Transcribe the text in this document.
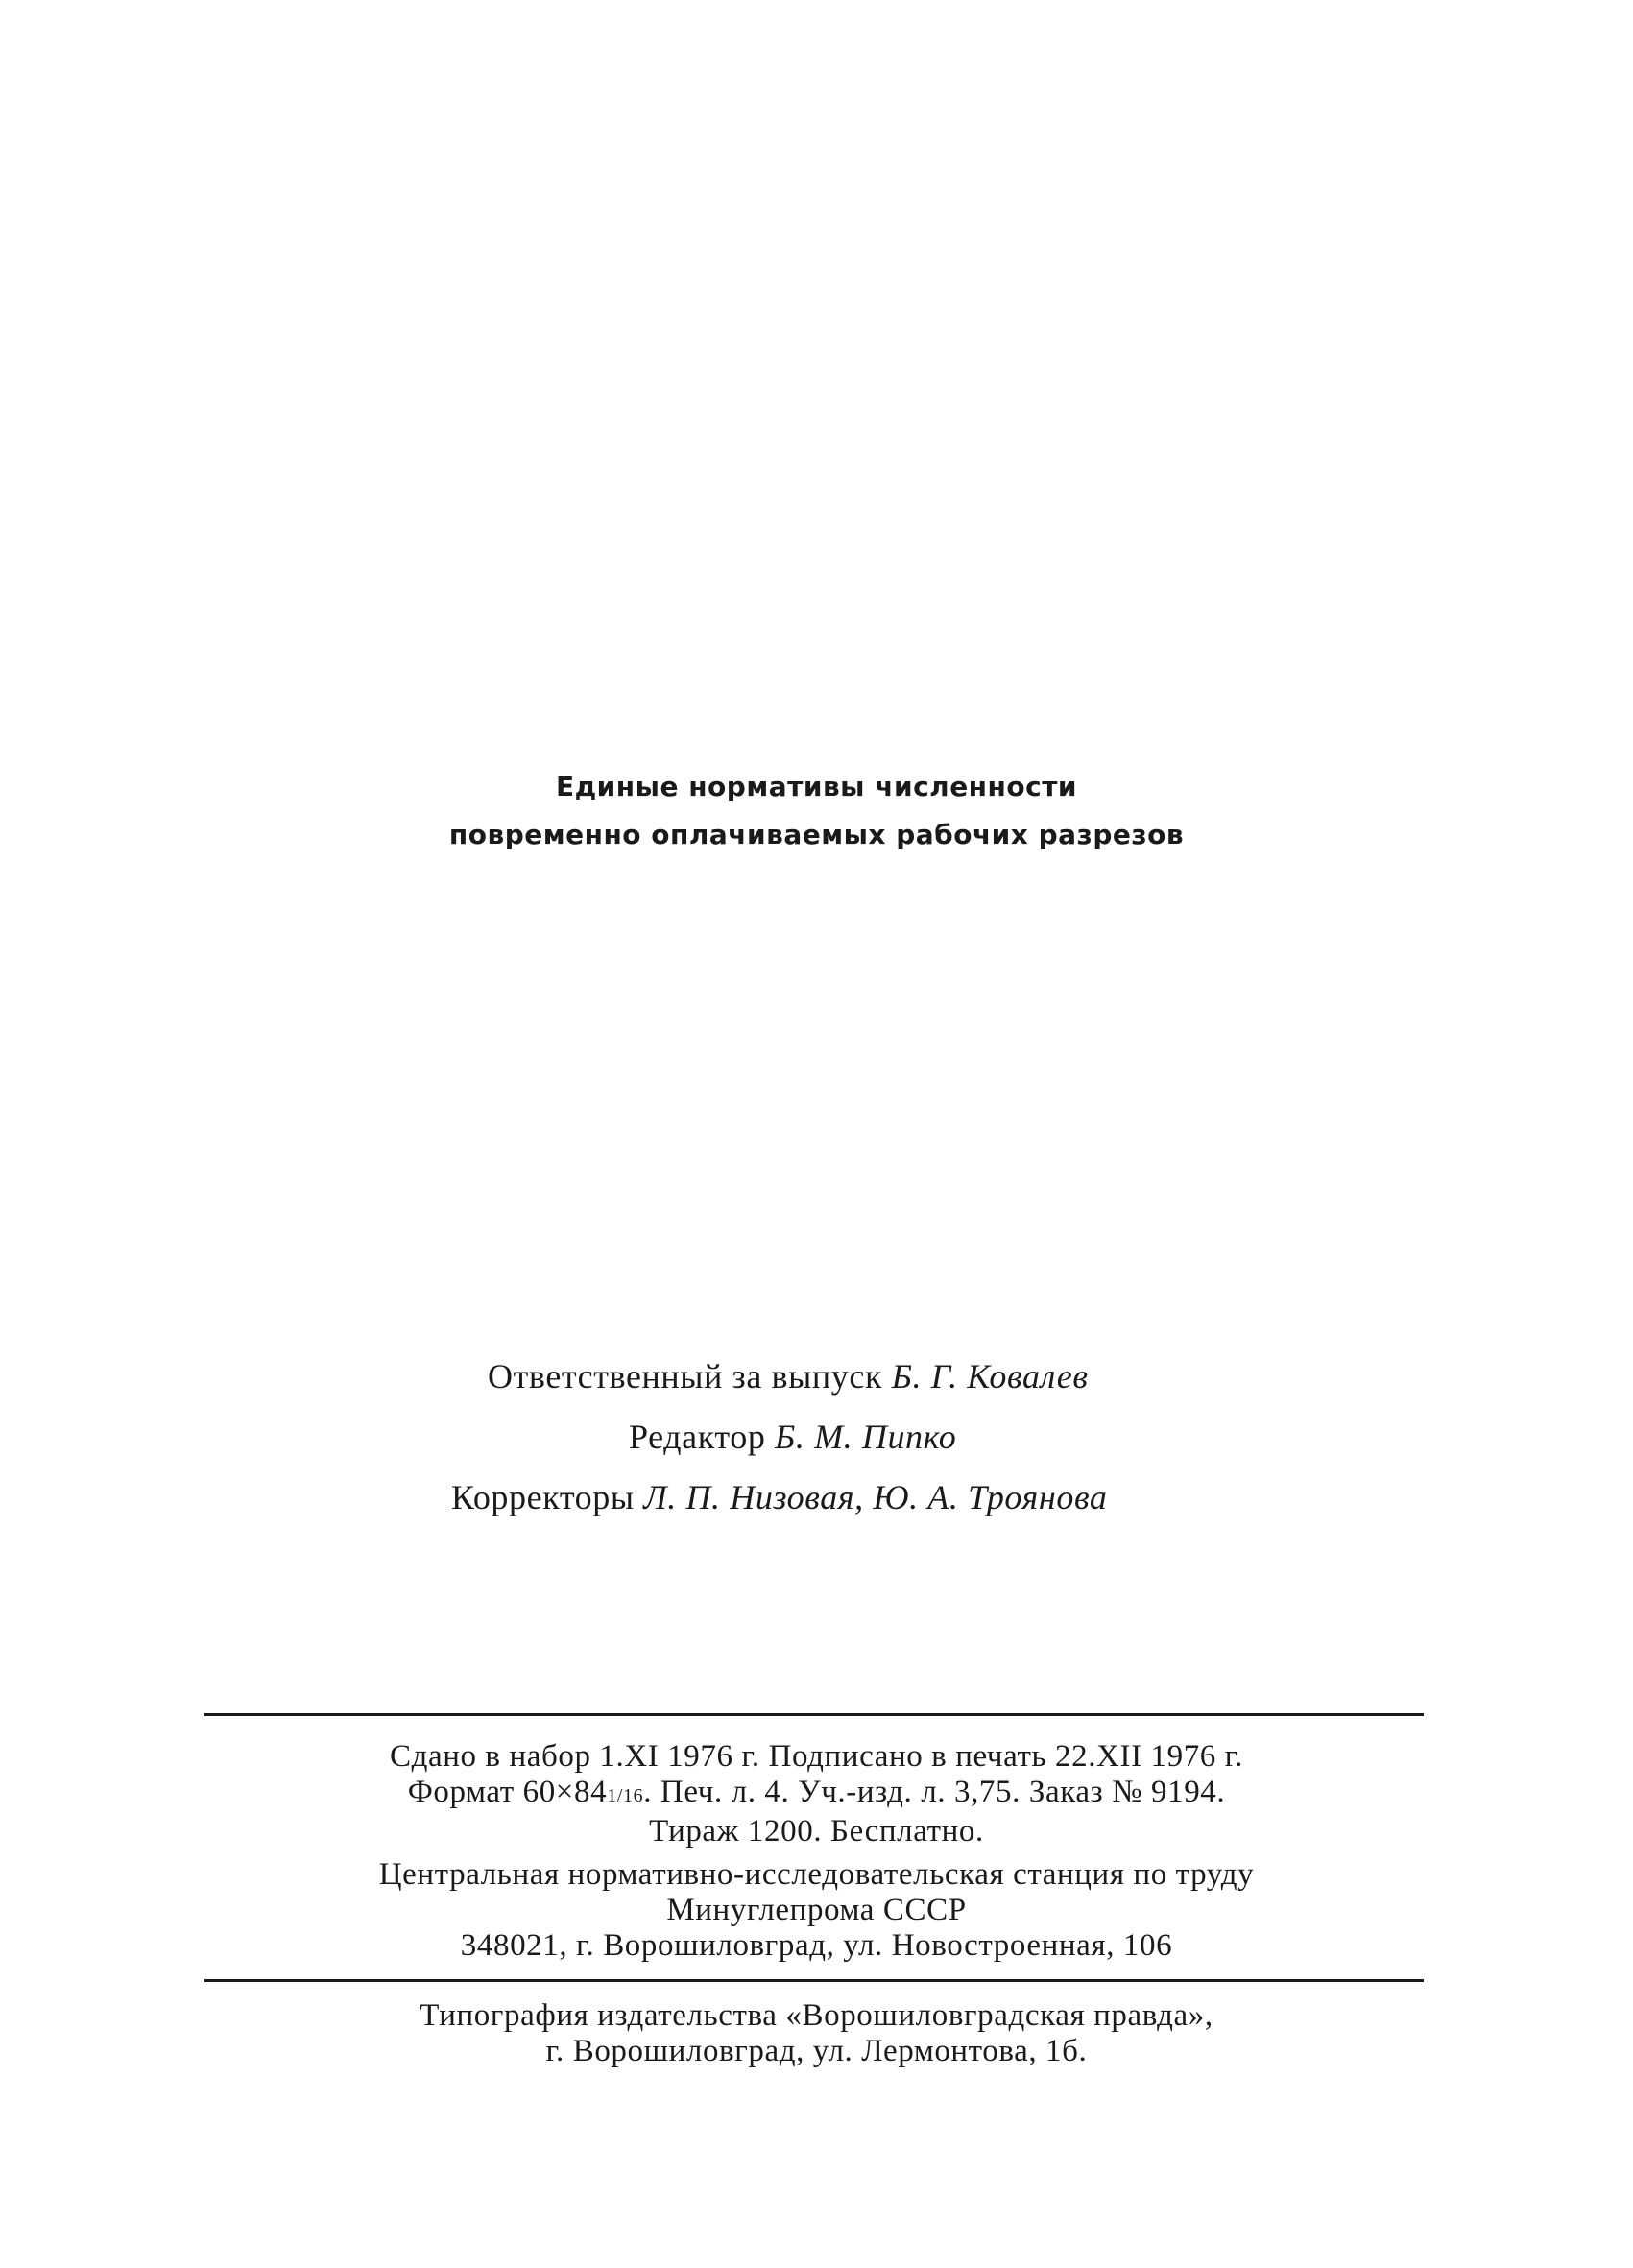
Единые нормативы численности
повременно оплачиваемых рабочих разрезов
Ответственный за выпуск Б. Г. Ковалев
Редактор Б. М. Пипко
Корректоры Л. П. Низовая, Ю. А. Троянова
Сдано в набор 1.XI 1976 г. Подписано в печать 22.XII 1976 г.
Формат 60×841/16. Печ. л. 4. Уч.-изд. л. 3,75. Заказ № 9194.
Тираж 1200. Бесплатно.
Центральная нормативно-исследовательская станция по труду
Минуглепрома СССР
348021, г. Ворошиловград, ул. Новостроенная, 106
Типография издательства «Ворошиловградская правда»,
г. Ворошиловград, ул. Лермонтова, 1б.
